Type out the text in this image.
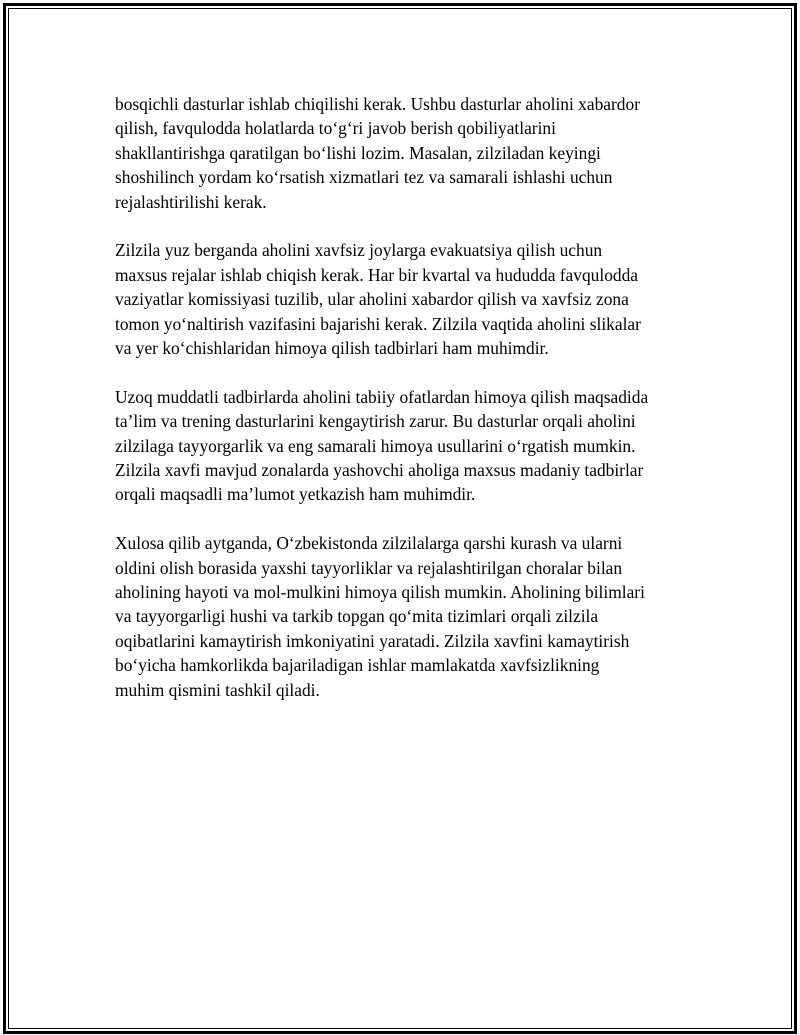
bosqichli dasturlar ishlab chiqilishi kerak. Ushbu dasturlar aholini xabardor
qilish, favqulodda holatlarda to‘g‘ri javob berish qobiliyatlarini
shakllantirishga qaratilgan bo‘lishi lozim. Masalan, zilziladan keyingi
shoshilinch yordam ko‘rsatish xizmatlari tez va samarali ishlashi uchun
rejalashtirilishi kerak.

Zilzila yuz berganda aholini xavfsiz joylarga evakuatsiya qilish uchun
maxsus rejalar ishlab chiqish kerak. Har bir kvartal va hududda favqulodda
vaziyatlar komissiyasi tuzilib, ular aholini xabardor qilish va xavfsiz zona
tomon yo‘naltirish vazifasini bajarishi kerak. Zilzila vaqtida aholini slikalar
va yer ko‘chishlaridan himoya qilish tadbirlari ham muhimdir.

Uzoq muddatli tadbirlarda aholini tabiiy ofatlardan himoya qilish maqsadida
ta’lim va trening dasturlarini kengaytirish zarur. Bu dasturlar orqali aholini
zilzilaga tayyorgarlik va eng samarali himoya usullarini o‘rgatish mumkin.
Zilzila xavfi mavjud zonalarda yashovchi aholiga maxsus madaniy tadbirlar
orqali maqsadli ma’lumot yetkazish ham muhimdir.

Xulosa qilib aytganda, O‘zbekistonda zilzilalarga qarshi kurash va ularni
oldini olish borasida yaxshi tayyorliklar va rejalashtirilgan choralar bilan
aholining hayoti va mol-mulkini himoya qilish mumkin. Aholining bilimlari
va tayyorgarligi hushi va tarkib topgan qo‘mita tizimlari orqali zilzila
oqibatlarini kamaytirish imkoniyatini yaratadi. Zilzila xavfini kamaytirish
bo‘yicha hamkorlikda bajariladigan ishlar mamlakatda xavfsizlikning
muhim qismini tashkil qiladi.
